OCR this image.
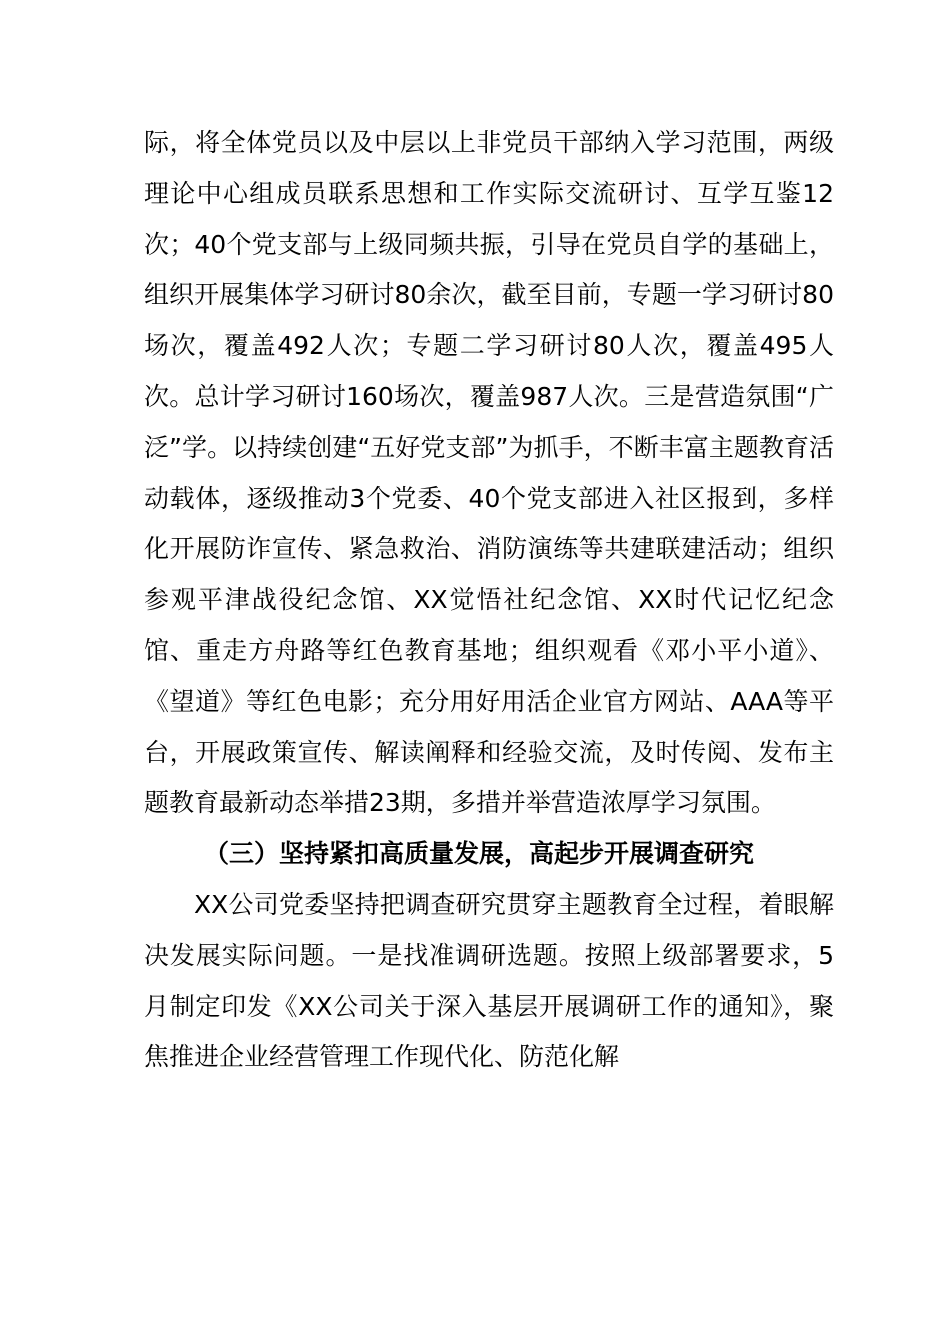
际，将全体党员以及中层以上非党员干部纳入学习范围，两级理论中心组成员联系思想和工作实际交流研讨、互学互鉴12次；40个党支部与上级同频共振，引导在党员自学的基础上，组织开展集体学习研讨80余次，截至目前，专题一学习研讨80场次，覆盖492人次；专题二学习研讨80人次，覆盖495人次。总计学习研讨160场次，覆盖987人次。三是营造氛围“广泛”学。以持续创建“五好党支部”为抓手，不断丰富主题教育活动载体，逐级推动3个党委、40个党支部进入社区报到，多样化开展防诈宣传、紧急救治、消防演练等共建联建活动；组织参观平津战役纪念馆、XX觉悟社纪念馆、XX时代记忆纪念馆、重走方舟路等红色教育基地；组织观看《邓小平小道》、《望道》等红色电影；充分用好用活企业官方网站、AAA等平台，开展政策宣传、解读阐释和经验交流，及时传阅、发布主题教育最新动态举措23期，多措并举营造浓厚学习氛围。

（三）坚持紧扣高质量发展，高起步开展调查研究

XX公司党委坚持把调查研究贯穿主题教育全过程，着眼解决发展实际问题。一是找准调研选题。按照上级部署要求，5月制定印发《XX公司关于深入基层开展调研工作的通知》，聚焦推进企业经营管理工作现代化、防范化解
